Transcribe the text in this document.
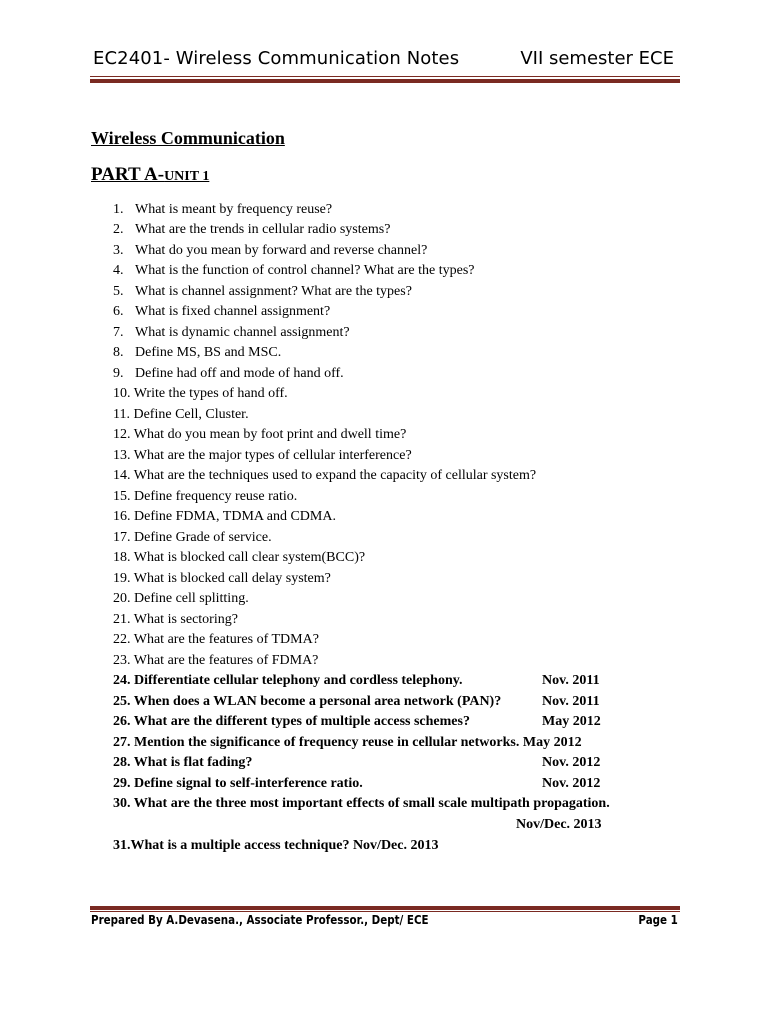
EC2401- Wireless Communication Notes	VII semester ECE
Wireless Communication
PART A-UNIT 1
1. What is meant by frequency reuse?
2. What are the trends in cellular radio systems?
3. What do you mean by forward and reverse channel?
4. What is the function of control channel? What are the types?
5. What is channel assignment? What are the types?
6. What is fixed channel assignment?
7. What is dynamic channel assignment?
8. Define MS, BS and MSC.
9. Define had off and mode of hand off.
10. Write the types of hand off.
11. Define Cell, Cluster.
12. What do you mean by foot print and dwell time?
13. What are the major types of cellular interference?
14. What are the techniques used to expand the capacity of cellular system?
15. Define frequency reuse ratio.
16. Define FDMA, TDMA and CDMA.
17. Define Grade of service.
18. What is blocked call clear system(BCC)?
19. What is blocked call delay system?
20. Define cell splitting.
21. What is sectoring?
22. What are the features of TDMA?
23. What are the features of FDMA?
24. Differentiate cellular telephony and cordless telephony.	Nov. 2011
25. When does a WLAN become a personal area network (PAN)?	Nov. 2011
26. What are the different types of multiple access schemes?	May 2012
27. Mention the significance of frequency reuse in cellular networks. May 2012
28. What is flat fading?	Nov. 2012
29. Define signal to self-interference ratio.	Nov. 2012
30. What are the three most important effects of small scale multipath propagation.
Nov/Dec. 2013
31.What is a multiple access technique? Nov/Dec. 2013
Prepared By A.Devasena., Associate Professor., Dept/ ECE	Page 1
